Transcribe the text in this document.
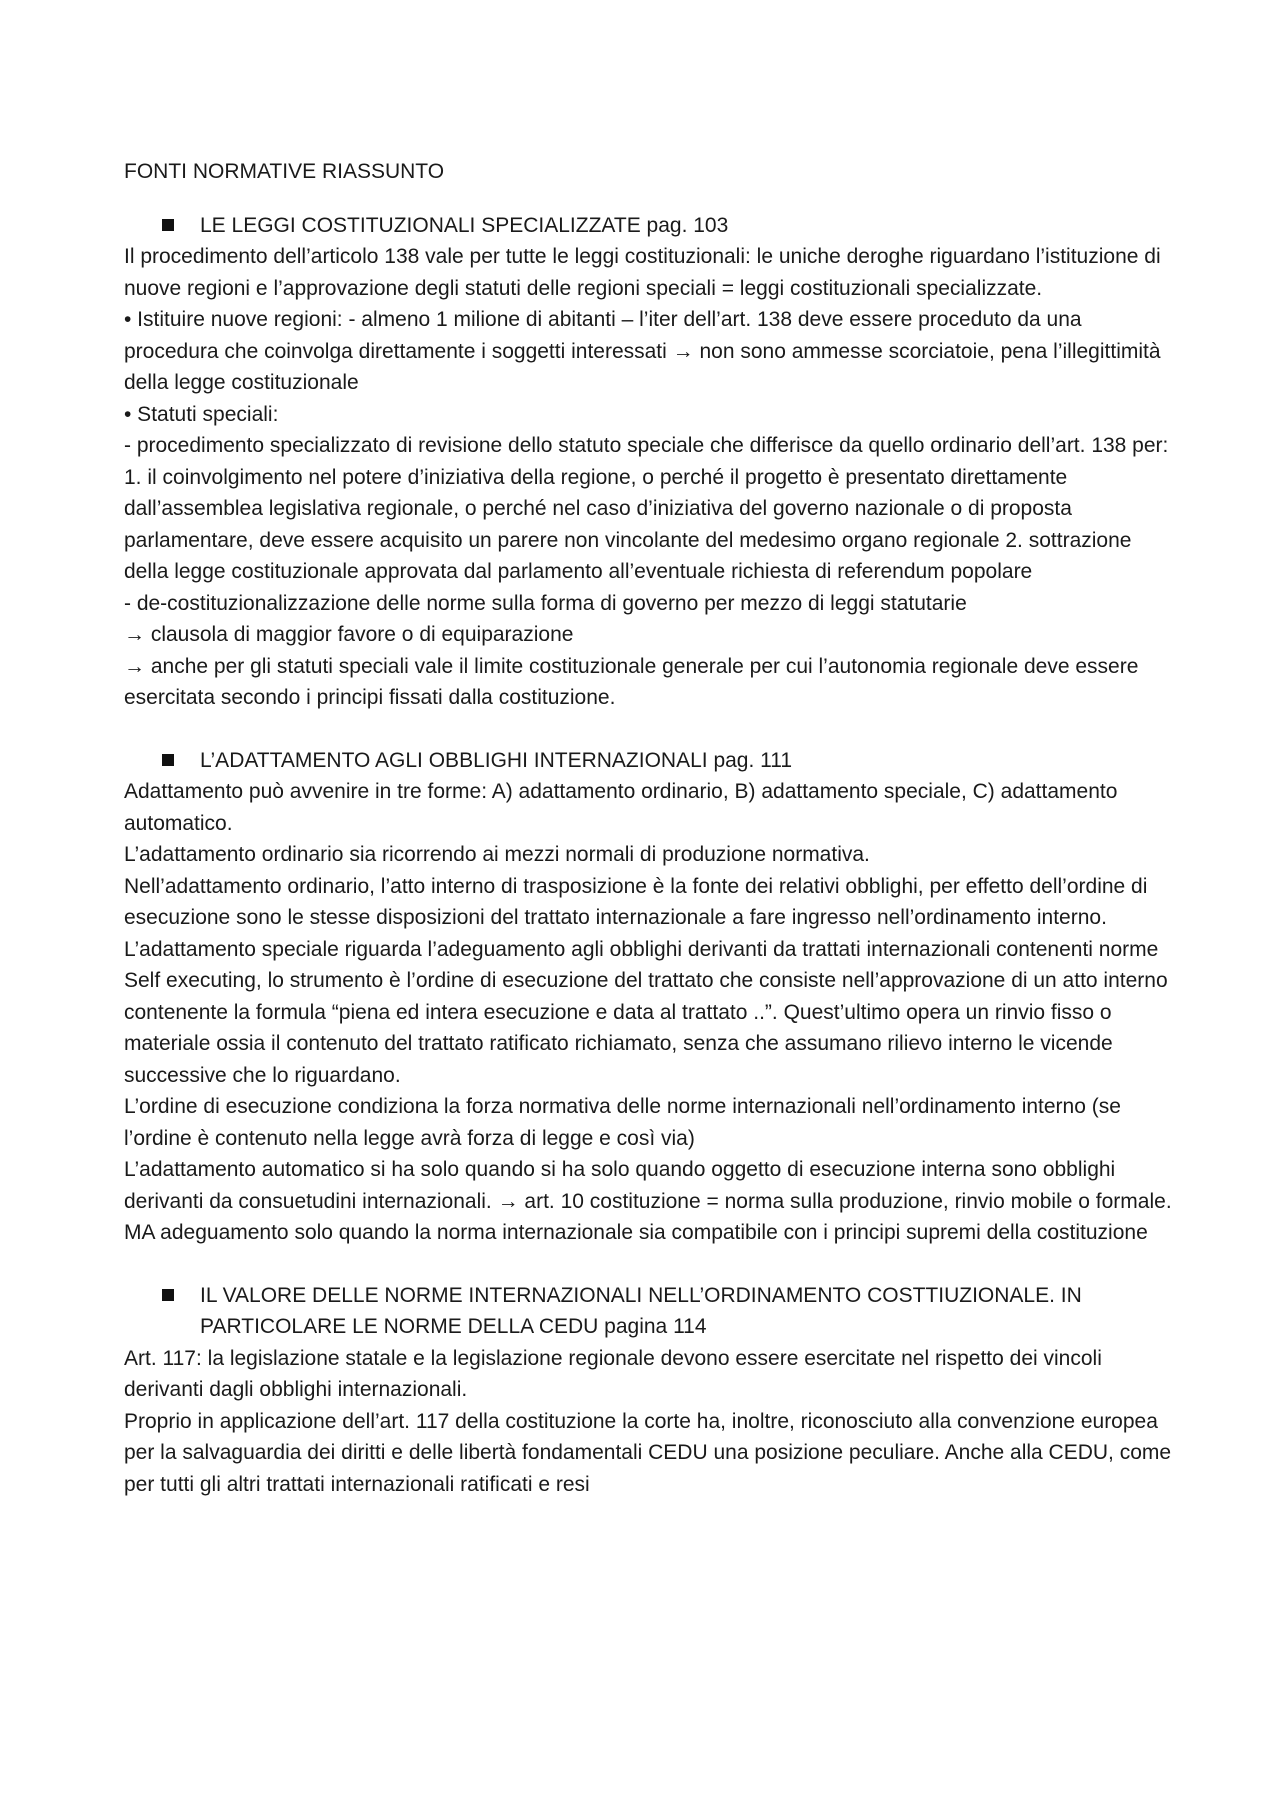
FONTI NORMATIVE RIASSUNTO
LE LEGGI COSTITUZIONALI SPECIALIZZATE pag. 103

Il procedimento dell’articolo 138 vale per tutte le leggi costituzionali: le uniche deroghe riguardano l’istituzione di nuove regioni e l’approvazione degli statuti delle regioni speciali = leggi costituzionali specializzate.

• Istituire nuove regioni: - almeno 1 milione di abitanti – l’iter dell’art. 138 deve essere proceduto da una procedura che coinvolga direttamente i soggetti interessati → non sono ammesse scorciatoie, pena l’illegittimità della legge costituzionale

• Statuti speciali:

- procedimento specializzato di revisione dello statuto speciale che differisce da quello ordinario dell’art. 138 per: 1. il coinvolgimento nel potere d’iniziativa della regione, o perché il progetto è presentato direttamente dall’assemblea legislativa regionale, o perché nel caso d’iniziativa del governo nazionale o di proposta parlamentare, deve essere acquisito un parere non vincolante del medesimo organo regionale 2. sottrazione della legge costituzionale approvata dal parlamento all’eventuale richiesta di referendum popolare

- de-costituzionalizzazione delle norme sulla forma di governo per mezzo di leggi statutarie

→ clausola di maggior favore o di equiparazione

→ anche per gli statuti speciali vale il limite costituzionale generale per cui l’autonomia regionale deve essere esercitata secondo i principi fissati dalla costituzione.

L’ADATTAMENTO AGLI OBBLIGHI INTERNAZIONALI pag. 111

Adattamento può avvenire in tre forme: A) adattamento ordinario, B) adattamento speciale, C) adattamento automatico.

L’adattamento ordinario sia ricorrendo ai mezzi normali di produzione normativa.

Nell’adattamento ordinario, l’atto interno di trasposizione è la fonte dei relativi obblighi, per effetto dell’ordine di esecuzione sono le stesse disposizioni del trattato internazionale a fare ingresso nell’ordinamento interno.

L’adattamento speciale riguarda l’adeguamento agli obblighi derivanti da trattati internazionali contenenti norme Self executing, lo strumento è l’ordine di esecuzione del trattato che consiste nell’approvazione di un atto interno contenente la formula “piena ed intera esecuzione e data al trattato ..”. Quest’ultimo opera un rinvio fisso o materiale ossia il contenuto del trattato ratificato richiamato, senza che assumano rilievo interno le vicende successive che lo riguardano.

L’ordine di esecuzione condiziona la forza normativa delle norme internazionali nell’ordinamento interno (se l’ordine è contenuto nella legge avrà forza di legge e così via)

L’adattamento automatico si ha solo quando si ha solo quando oggetto di esecuzione interna sono obblighi derivanti da consuetudini internazionali. → art. 10 costituzione = norma sulla produzione, rinvio mobile o formale. MA adeguamento solo quando la norma internazionale sia compatibile con i principi supremi della costituzione

IL VALORE DELLE NORME INTERNAZIONALI NELL’ORDINAMENTO COSTTIUZIONALE. IN PARTICOLARE LE NORME DELLA CEDU pagina 114

Art. 117: la legislazione statale e la legislazione regionale devono essere esercitate nel rispetto dei vincoli derivanti dagli obblighi internazionali.

Proprio in applicazione dell’art. 117 della costituzione la corte ha, inoltre, riconosciuto alla convenzione europea per la salvaguardia dei diritti e delle libertà fondamentali CEDU una posizione peculiare. Anche alla CEDU, come per tutti gli altri trattati internazionali ratificati e resi
